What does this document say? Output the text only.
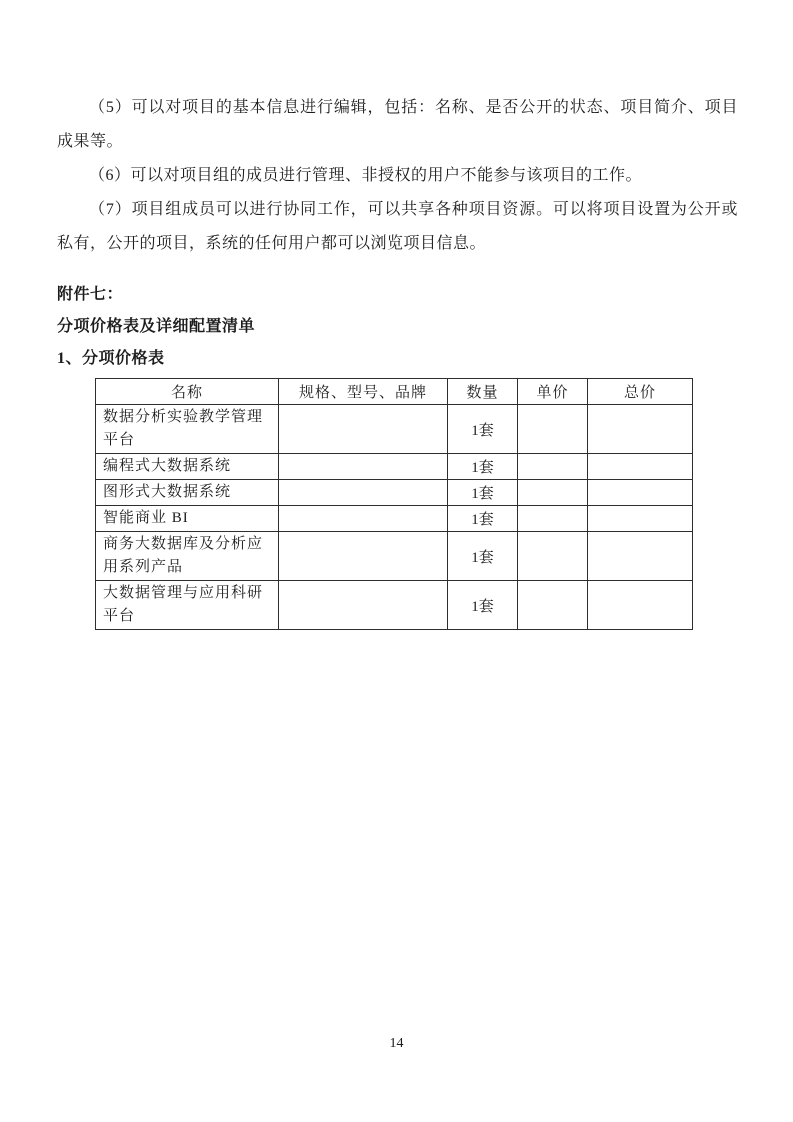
（5）可以对项目的基本信息进行编辑，包括：名称、是否公开的状态、项目简介、项目成果等。

（6）可以对项目组的成员进行管理、非授权的用户不能参与该项目的工作。

（7）项目组成员可以进行协同工作，可以共享各种项目资源。可以将项目设置为公开或私有，公开的项目，系统的任何用户都可以浏览项目信息。

附件七：
分项价格表及详细配置清单
1、分项价格表
名称	规格、型号、品牌	数量	单价	总价
数据分析实验教学管理平台		1套		
编程式大数据系统		1套		
图形式大数据系统		1套		
智能商业 BI		1套		
商务大数据库及分析应用系列产品		1套		
大数据管理与应用科研平台		1套		
14
